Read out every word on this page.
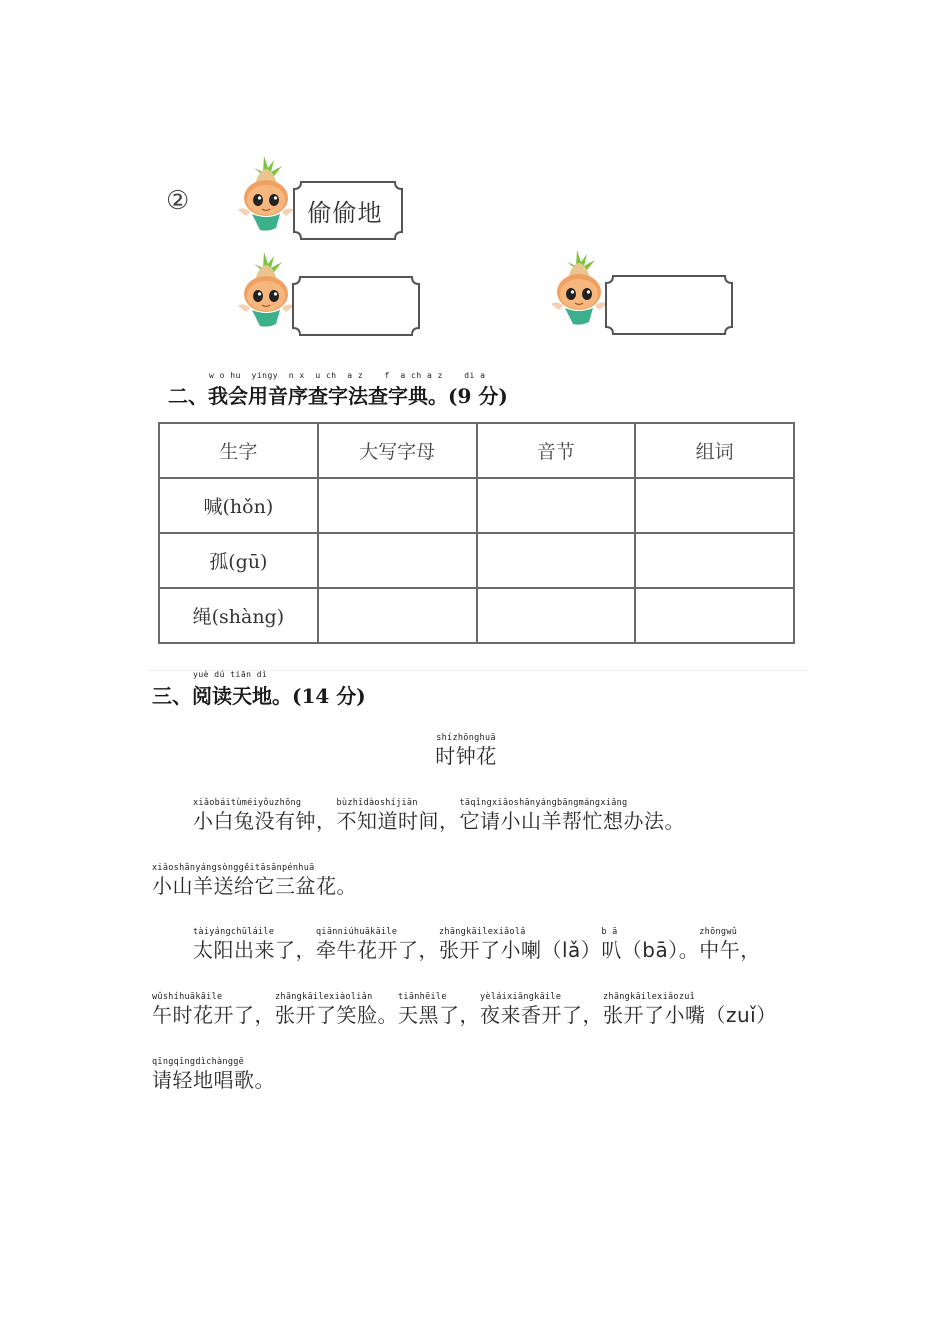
②	偷偷地
w o hu  yingy  n x  u ch  a z    f  a ch a z    di a
二、我会用音序查字法查字典。(9 分)
生字	大写字母	音节	组词
喊(hǒn)			
孤(gū)			
绳(shàng)			
yuè dú tiān dì
三、阅读天地。(14 分)
shízhōnghuā
时钟花
xiǎobáitùméiyǒuzhōng
小白兔没有钟，
bùzhīdàoshíjiān
不知道时间，
tāqǐngxiǎoshānyángbāngmángxiǎng
它请小山羊帮忙想办法。
xiǎoshānyángsònggěitāsānpénhuā
小山羊送给它三盆花。
tàiyángchūláile
太阳出来了，
qiānniúhuākāile
牵牛花开了，
zhāngkāilexiǎolǎ
张开了小喇（lǎ）
b ā
叭（bā）。
zhōngwǔ
中午，
wǔshíhuākāile
午时花开了，
zhāngkāilexiàoliǎn
张开了笑脸。
tiānhēile
天黑了，
yèláixiāngkāile
夜来香开了，
zhāngkāilexiǎozuǐ
张开了小嘴（zuǐ）
qīngqīngdìchànggē
请轻地唱歌。
